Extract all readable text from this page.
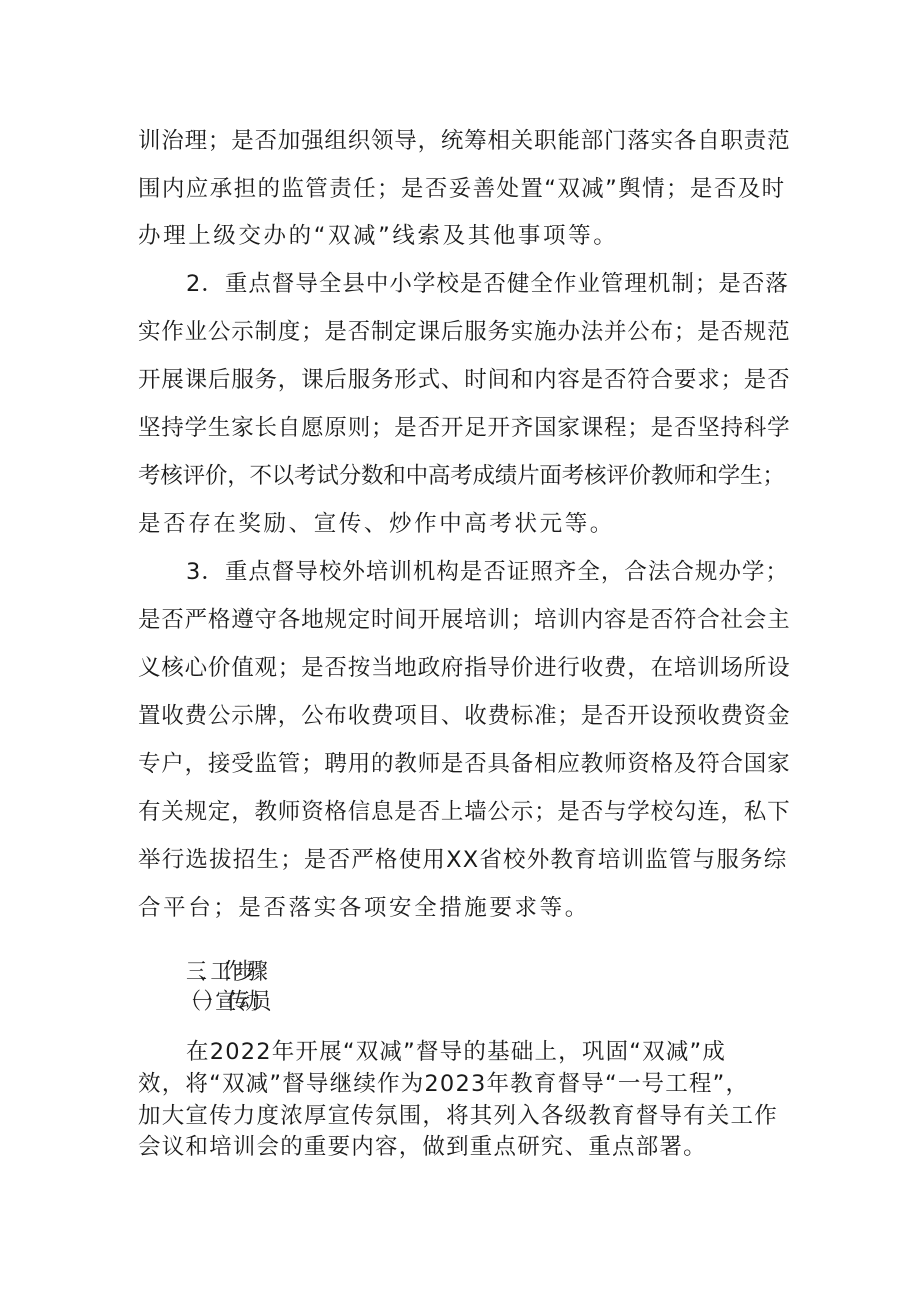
训治理；是否加强组织领导，统筹相关职能部门落实各自职责范

围内应承担的监管责任；是否妥善处置“双减”舆情；是否及时

办理上级交办的“双减”线索及其他事项等。

2．重点督导全县中小学校是否健全作业管理机制；是否落

实作业公示制度；是否制定课后服务实施办法并公布；是否规范

开展课后服务，课后服务形式、时间和内容是否符合要求；是否

坚持学生家长自愿原则；是否开足开齐国家课程；是否坚持科学

考核评价，不以考试分数和中高考成绩片面考核评价教师和学生；

是否存在奖励、宣传、炒作中高考状元等。

3．重点督导校外培训机构是否证照齐全，合法合规办学；

是否严格遵守各地规定时间开展培训；培训内容是否符合社会主

义核心价值观；是否按当地政府指导价进行收费，在培训场所设

置收费公示牌，公布收费项目、收费标准；是否开设预收费资金

专户，接受监管；聘用的教师是否具备相应教师资格及符合国家

有关规定，教师资格信息是否上墙公示；是否与学校勾连，私下

举行选拔招生；是否严格使用XX省校外教育培训监管与服务综

合平台；是否落实各项安全措施要求等。

三、工作步骤

（一）宣传动员

在2022年开展“双减”督导的基础上，巩固“双减”成

效，将“双减”督导继续作为2023年教育督导“一号工程”，

加大宣传力度浓厚宣传氛围，将其列入各级教育督导有关工作

会议和培训会的重要内容，做到重点研究、重点部署。
